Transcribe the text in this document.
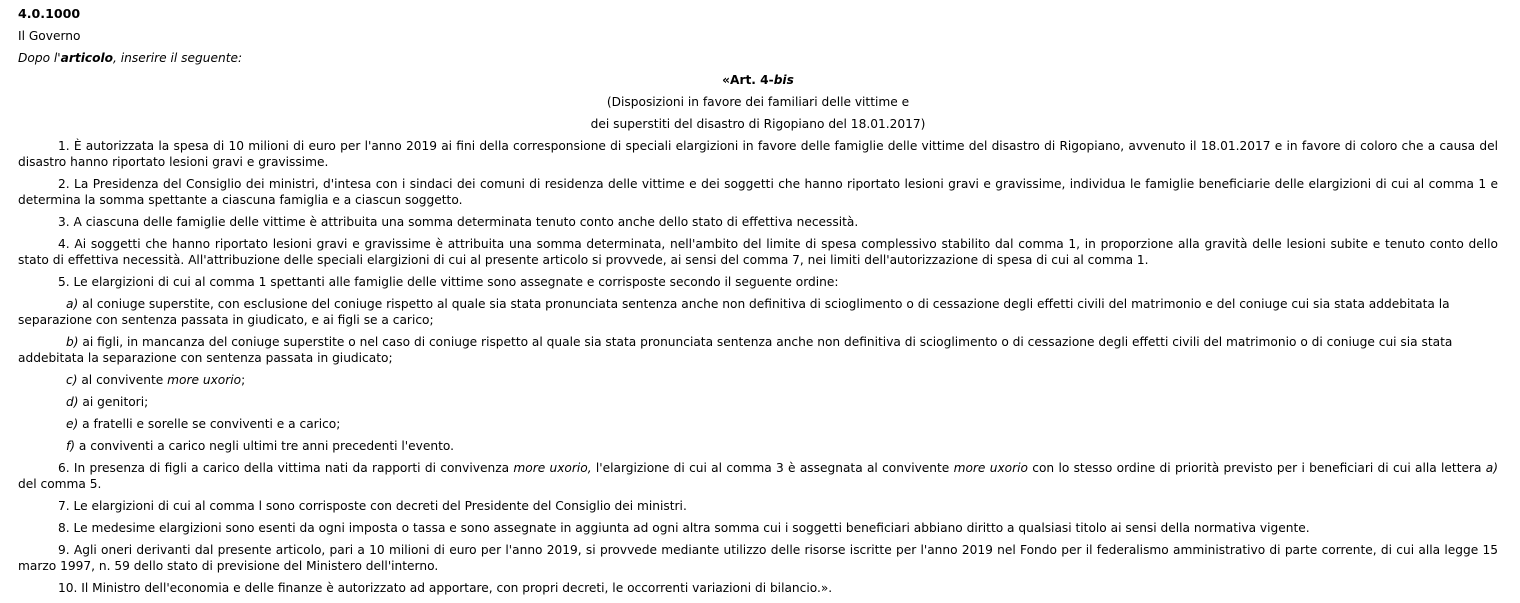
4.0.1000
Il Governo
Dopo l'articolo, inserire il seguente:
«Art. 4-bis
(Disposizioni in favore dei familiari delle vittime e
dei superstiti del disastro di Rigopiano del 18.01.2017)
1. È autorizzata la spesa di 10 milioni di euro per l'anno 2019 ai fini della corresponsione di speciali elargizioni in favore delle famiglie delle vittime del disastro di Rigopiano, avvenuto il 18.01.2017 e in favore di coloro che a causa del disastro hanno riportato lesioni gravi e gravissime.
2. La Presidenza del Consiglio dei ministri, d'intesa con i sindaci dei comuni di residenza delle vittime e dei soggetti che hanno riportato lesioni gravi e gravissime, individua le famiglie beneficiarie delle elargizioni di cui al comma 1 e determina la somma spettante a ciascuna famiglia e a ciascun soggetto.
3. A ciascuna delle famiglie delle vittime è attribuita una somma determinata tenuto conto anche dello stato di effettiva necessità.
4. Ai soggetti che hanno riportato lesioni gravi e gravissime è attribuita una somma determinata, nell'ambito del limite di spesa complessivo stabilito dal comma 1, in proporzione alla gravità delle lesioni subite e tenuto conto dello stato di effettiva necessità. All'attribuzione delle speciali elargizioni di cui al presente articolo si provvede, ai sensi del comma 7, nei limiti dell'autorizzazione di spesa di cui al comma 1.
5. Le elargizioni di cui al comma 1 spettanti alle famiglie delle vittime sono assegnate e corrisposte secondo il seguente ordine:
a) al coniuge superstite, con esclusione del coniuge rispetto al quale sia stata pronunciata sentenza anche non definitiva di scioglimento o di cessazione degli effetti civili del matrimonio e del coniuge cui sia stata addebitata la separazione con sentenza passata in giudicato, e ai figli se a carico;
b) ai figli, in mancanza del coniuge superstite o nel caso di coniuge rispetto al quale sia stata pronunciata sentenza anche non definitiva di scioglimento o di cessazione degli effetti civili del matrimonio o di coniuge cui sia stata addebitata la separazione con sentenza passata in giudicato;
c) al convivente more uxorio;
d) ai genitori;
e) a fratelli e sorelle se conviventi e a carico;
f) a conviventi a carico negli ultimi tre anni precedenti l'evento.
6. In presenza di figli a carico della vittima nati da rapporti di convivenza more uxorio, l'elargizione di cui al comma 3 è assegnata al convivente more uxorio con lo stesso ordine di priorità previsto per i beneficiari di cui alla lettera a) del comma 5.
7. Le elargizioni di cui al comma l sono corrisposte con decreti del Presidente del Consiglio dei ministri.
8. Le medesime elargizioni sono esenti da ogni imposta o tassa e sono assegnate in aggiunta ad ogni altra somma cui i soggetti beneficiari abbiano diritto a qualsiasi titolo ai sensi della normativa vigente.
9. Agli oneri derivanti dal presente articolo, pari a 10 milioni di euro per l'anno 2019, si provvede mediante utilizzo delle risorse iscritte per l'anno 2019 nel Fondo per il federalismo amministrativo di parte corrente, di cui alla legge 15 marzo 1997, n. 59 dello stato di previsione del Ministero dell'interno.
10. Il Ministro dell'economia e delle finanze è autorizzato ad apportare, con propri decreti, le occorrenti variazioni di bilancio.».
